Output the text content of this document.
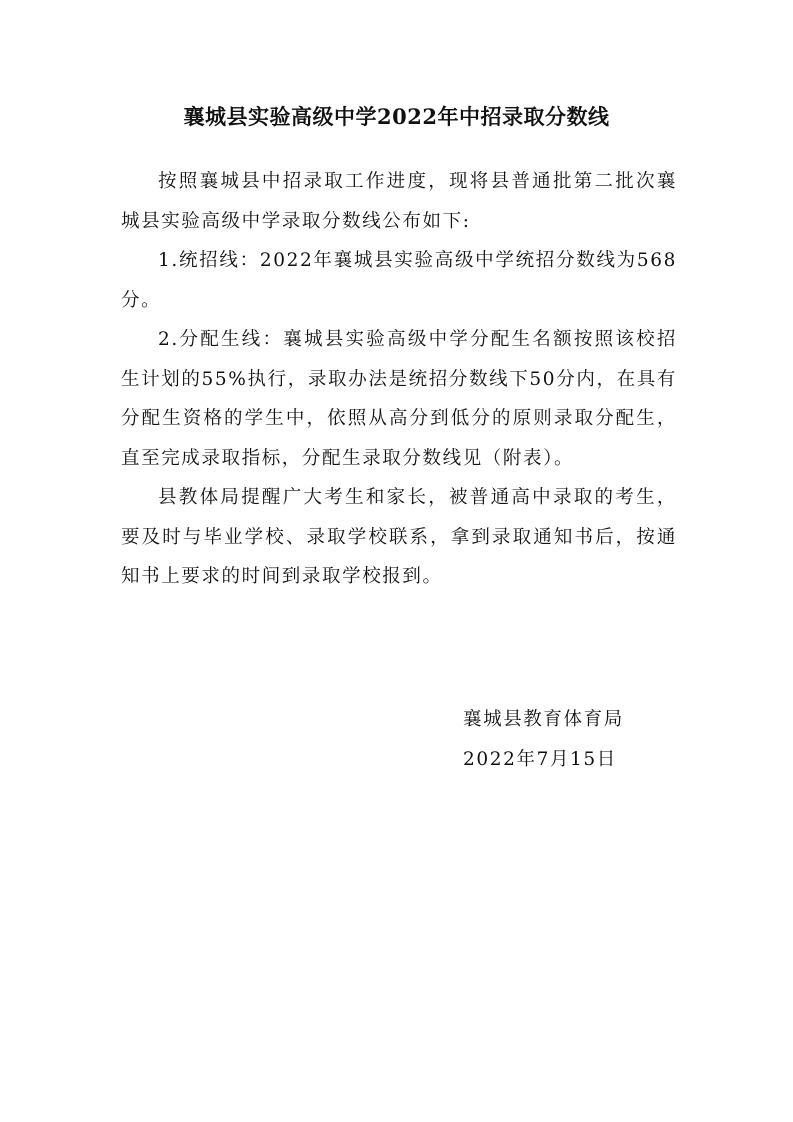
襄城县实验高级中学2022年中招录取分数线

按照襄城县中招录取工作进度，现将县普通批第二批次襄城县实验高级中学录取分数线公布如下:

1.统招线：2022年襄城县实验高级中学统招分数线为568分。

2.分配生线：襄城县实验高级中学分配生名额按照该校招生计划的55%执行，录取办法是统招分数线下50分内，在具有分配生资格的学生中，依照从高分到低分的原则录取分配生，直至完成录取指标，分配生录取分数线见（附表）。

县教体局提醒广大考生和家长，被普通高中录取的考生，要及时与毕业学校、录取学校联系，拿到录取通知书后，按通知书上要求的时间到录取学校报到。

襄城县教育体育局
2022年7月15日
